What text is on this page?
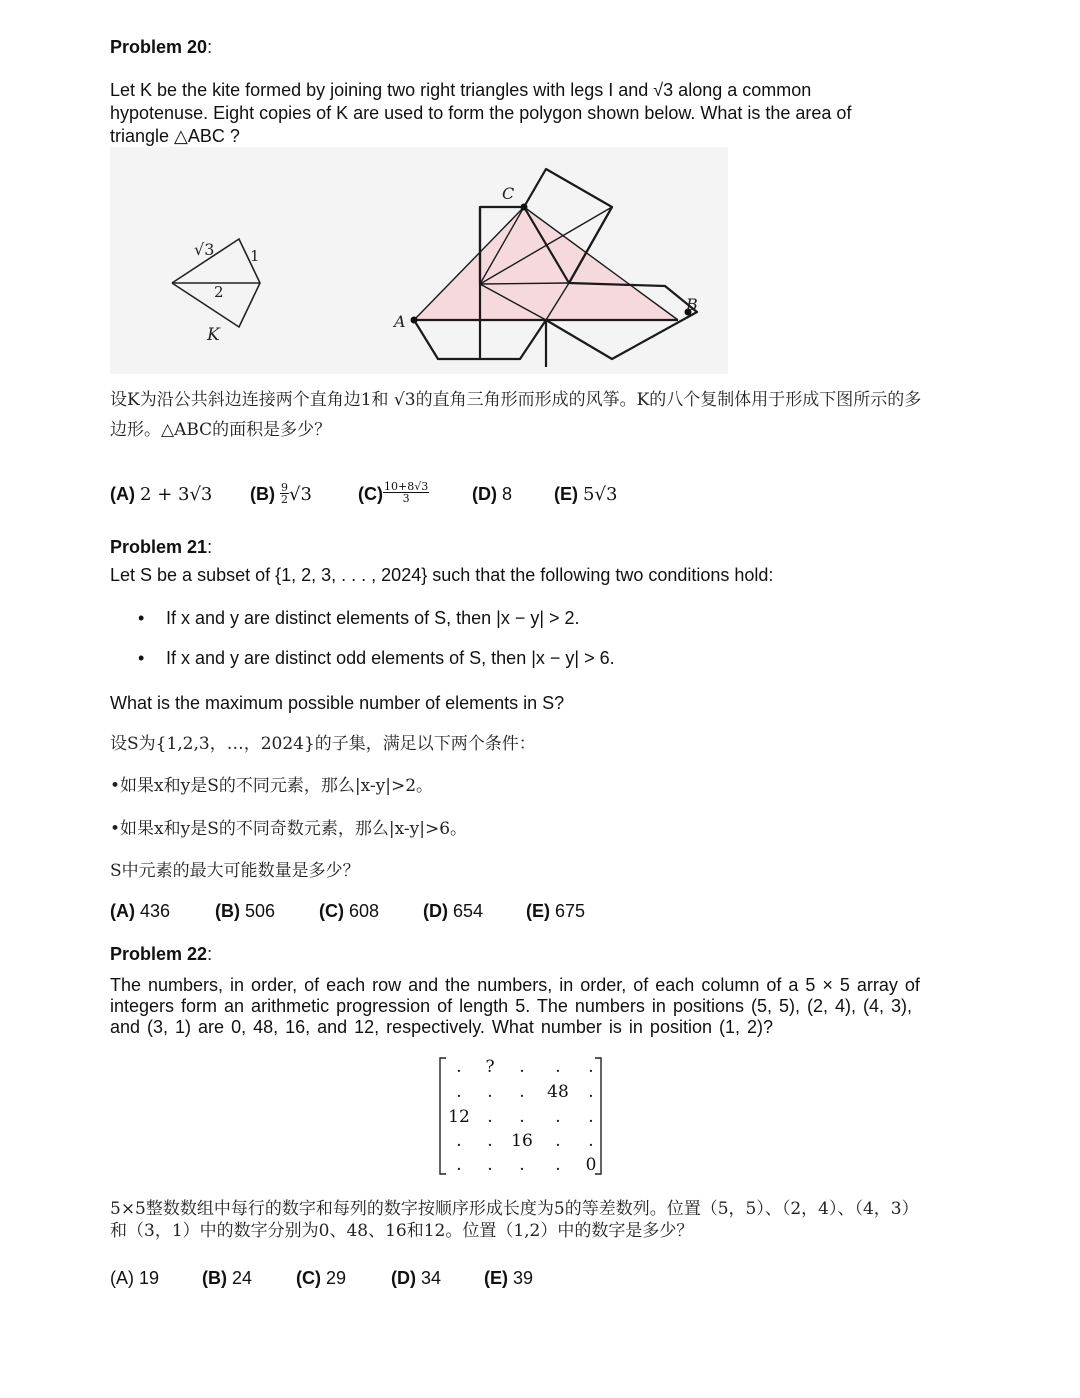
Problem 20:
Let K be the kite formed by joining two right triangles with legs I and √3 along a common hypotenuse. Eight copies of K are used to form the polygon shown below. What is the area of triangle △ABC ?
√3 1
2
K
A
B
C
设K为沿公共斜边连接两个直角边1和 √3的直角三角形而形成的风筝。K的八个复制体用于形成下图所示的多边形。△ABC的面积是多少？
(A) 2 + 3√3 $(B) \frac{9}{2} √3$	$(C) \frac{10+8√3}{3} (D)$ 8 (E) 5√3
Problem 21:
Let S be a subset of {1, 2, 3, . . . , 2024} such that the following two conditions hold:
• If x and y are distinct elements of S, then |x − y| > 2.
• If x and y are distinct odd elements of S, then |x − y| > 6.
What is the maximum possible number of elements in S?
设S为{1,2,3，…，2024}的子集，满足以下两个条件：
•如果x和y是S的不同元素，那么|x-y|>2。
•如果x和y是S的不同奇数元素，那么|x-y|>6。
S中元素的最大可能数量是多少？
(A) 436 (B) 506 (C) 608 (D) 654 (E) 675
Problem 22:
The numbers, in order, of each row and the numbers, in order, of each column of a 5 × 5 array of integers form an arithmetic progression of length 5. The numbers in positions (5, 5), (2, 4), (4, 3), and (3, 1) are 0, 48, 16, and 12, respectively. What number is in position (1, 2)?
. ? . . .
. . . 48 .
12 . . . .
. . 16 . .
. . . . 0
5×5整数数组中每行的数字和每列的数字按顺序形成长度为5的等差数列。位置（5，5）、（2，4）、（4，3）和（3，1）中的数字分别为0、48、16和12。位置（1,2）中的数字是多少？
(A) 19 (B) 24 (C) 29 (D) 34 (E) 39
